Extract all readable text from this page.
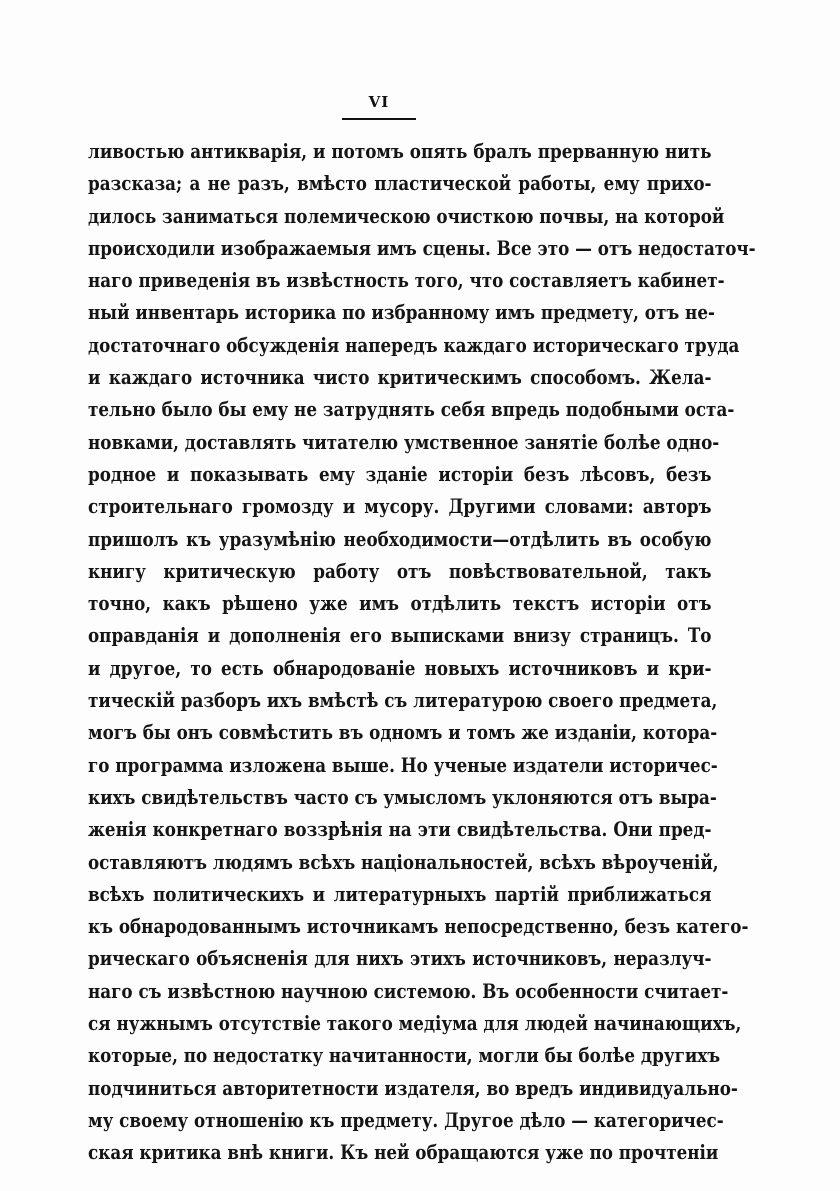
VI
ливостью антикварія, и потомъ опять бралъ прерванную нить
разсказа; а не разъ, вмѣсто пластической работы, ему прихо-
дилось заниматься полемическою очисткою почвы, на которой
происходили изображаемыя имъ сцены. Все это — отъ недостаточ-
наго приведенія въ извѣстность того, что составляетъ кабинет-
ный инвентарь историка по избранному имъ предмету, отъ не-
достаточнаго обсужденія напередъ каждаго историческаго труда
и каждаго источника чисто критическимъ способомъ. Желa-
тельно было бы ему не затруднять себя впредь подобными оста-
новками, доставлять читателю умственное занятіе болѣе одно-
родное и показывать ему зданіе исторіи безъ лѣсовъ, безъ
строительнаго громозду и мусору. Другими словами: авторъ
пришолъ къ уразумѣнію необходимости—отдѣлить въ особую
книгу критическую работу отъ повѣствовательной, такъ
точно, какъ рѣшено уже имъ отдѣлить текстъ исторіи отъ
оправданія и дополненія его выписками внизу страницъ. То
и другое, то есть обнародованіе новыхъ источниковъ и кри-
тическій разборъ ихъ вмѣстѣ съ литературою своего предмета,
могъ бы онъ совмѣстить въ одномъ и томъ же изданіи, котора-
го программа изложена выше. Но ученые издатели историчес-
кихъ свидѣтельствъ часто съ умысломъ уклоняются отъ выра-
женія конкретнаго воззрѣнія на эти свидѣтельства. Они пред-
оставляютъ людямъ всѣхъ національностей, всѣхъ вѣроученій,
всѣхъ политическихъ и литературныхъ партій приближаться
къ обнародованнымъ источникамъ непосредственно, безъ катего-
рическаго объясненія для нихъ этихъ источниковъ, неразлуч-
наго съ извѣстною научною системою. Въ особенности считает-
ся нужнымъ отсутствіе такого медіума для людей начинающихъ,
которые, по недостатку начитанности, могли бы болѣе другихъ
подчиниться авторитетности издателя, во вредъ индивидуально-
му своему отношенію къ предмету. Другое дѣло — категоричес-
ская критика внѣ книги. Къ ней обращаются уже по прочтеніи
